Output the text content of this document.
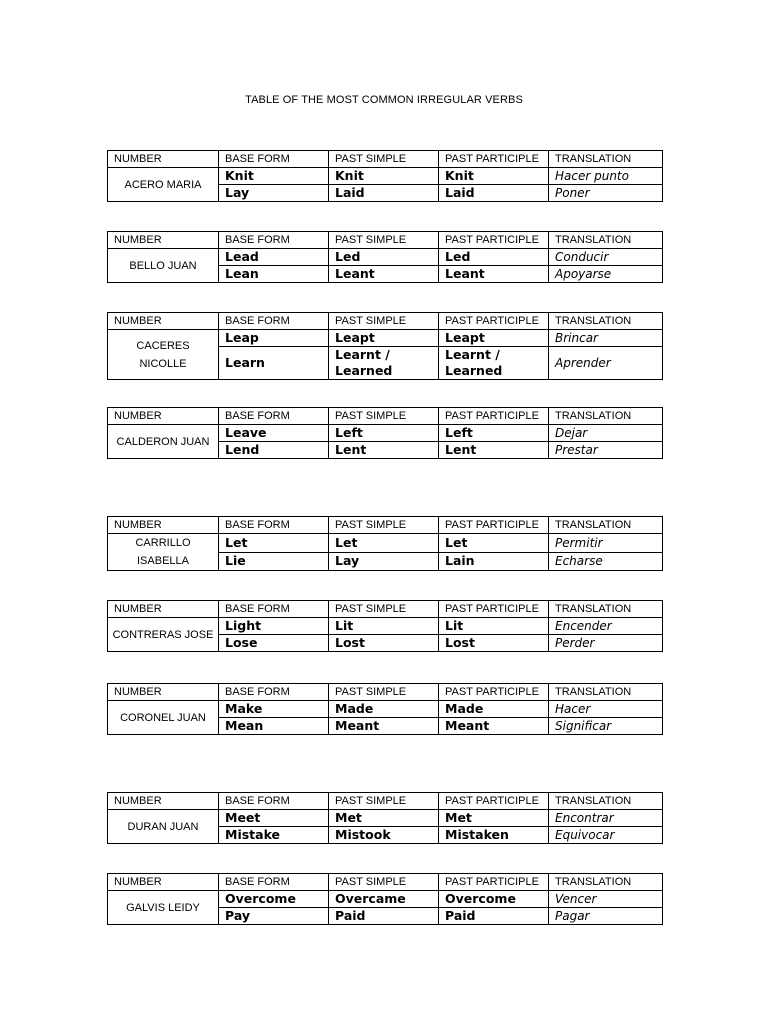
TABLE OF THE MOST COMMON IRREGULAR VERBS
NUMBER	BASE FORM	PAST SIMPLE	PAST PARTICIPLE	TRANSLATION
ACERO MARIA	Knit	Knit	Knit	Hacer punto
	Lay	Laid	Laid	Poner
NUMBER	BASE FORM	PAST SIMPLE	PAST PARTICIPLE	TRANSLATION
BELLO JUAN	Lead	Led	Led	Conducir
	Lean	Leant	Leant	Apoyarse
NUMBER	BASE FORM	PAST SIMPLE	PAST PARTICIPLE	TRANSLATION
CACERES NICOLLE	Leap	Leapt	Leapt	Brincar
	Learn	Learnt / Learned	Learnt / Learned	Aprender
NUMBER	BASE FORM	PAST SIMPLE	PAST PARTICIPLE	TRANSLATION
CALDERON JUAN	Leave	Left	Left	Dejar
	Lend	Lent	Lent	Prestar
NUMBER	BASE FORM	PAST SIMPLE	PAST PARTICIPLE	TRANSLATION
CARRILLO ISABELLA	Let	Let	Let	Permitir
	Lie	Lay	Lain	Echarse
NUMBER	BASE FORM	PAST SIMPLE	PAST PARTICIPLE	TRANSLATION
CONTRERAS JOSE	Light	Lit	Lit	Encender
	Lose	Lost	Lost	Perder
NUMBER	BASE FORM	PAST SIMPLE	PAST PARTICIPLE	TRANSLATION
CORONEL JUAN	Make	Made	Made	Hacer
	Mean	Meant	Meant	Significar
NUMBER	BASE FORM	PAST SIMPLE	PAST PARTICIPLE	TRANSLATION
DURAN JUAN	Meet	Met	Met	Encontrar
	Mistake	Mistook	Mistaken	Equivocar
NUMBER	BASE FORM	PAST SIMPLE	PAST PARTICIPLE	TRANSLATION
GALVIS LEIDY	Overcome	Overcame	Overcome	Vencer
	Pay	Paid	Paid	Pagar
